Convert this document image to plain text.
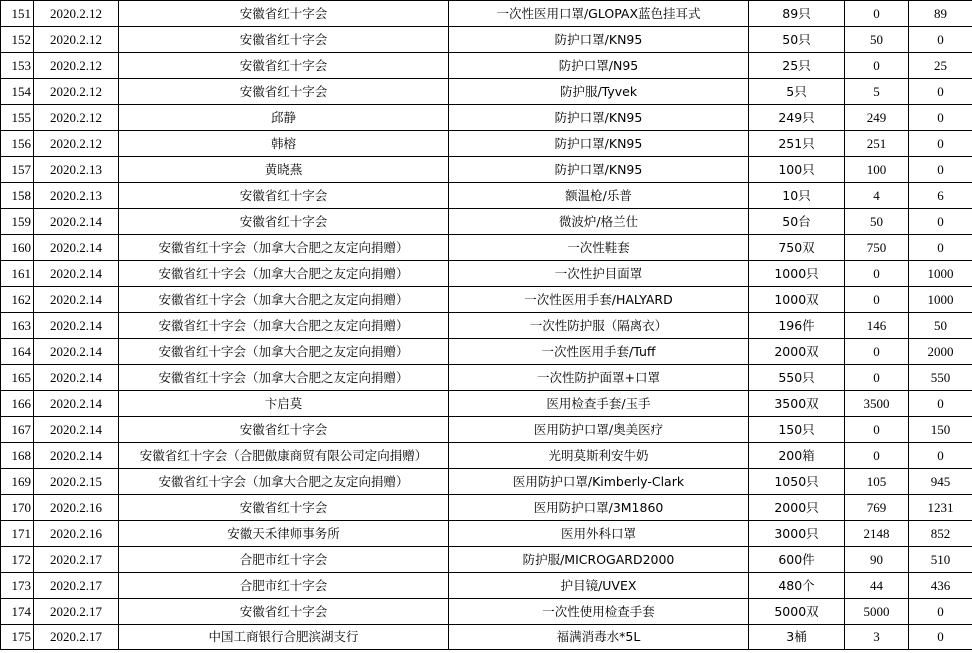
151	2020.2.12	安徽省红十字会	一次性医用口罩/GLOPAX蓝色挂耳式	89只	0	89
152	2020.2.12	安徽省红十字会	防护口罩/KN95	50只	50	0
153	2020.2.12	安徽省红十字会	防护口罩/N95	25只	0	25
154	2020.2.12	安徽省红十字会	防护服/Tyvek	5只	5	0
155	2020.2.12	邱静	防护口罩/KN95	249只	249	0
156	2020.2.12	韩榕	防护口罩/KN95	251只	251	0
157	2020.2.13	黄晓燕	防护口罩/KN95	100只	100	0
158	2020.2.13	安徽省红十字会	额温枪/乐普	10只	4	6
159	2020.2.14	安徽省红十字会	微波炉/格兰仕	50台	50	0
160	2020.2.14	安徽省红十字会（加拿大合肥之友定向捐赠）	一次性鞋套	750双	750	0
161	2020.2.14	安徽省红十字会（加拿大合肥之友定向捐赠）	一次性护目面罩	1000只	0	1000
162	2020.2.14	安徽省红十字会（加拿大合肥之友定向捐赠）	一次性医用手套/HALYARD	1000双	0	1000
163	2020.2.14	安徽省红十字会（加拿大合肥之友定向捐赠）	一次性防护服（隔离衣）	196件	146	50
164	2020.2.14	安徽省红十字会（加拿大合肥之友定向捐赠）	一次性医用手套/Tuff	2000双	0	2000
165	2020.2.14	安徽省红十字会（加拿大合肥之友定向捐赠）	一次性防护面罩+口罩	550只	0	550
166	2020.2.14	卞启莫	医用检查手套/玉手	3500双	3500	0
167	2020.2.14	安徽省红十字会	医用防护口罩/奥美医疗	150只	0	150
168	2020.2.14	安徽省红十字会（合肥傲康商贸有限公司定向捐赠）	光明莫斯利安牛奶	200箱	0	0
169	2020.2.15	安徽省红十字会（加拿大合肥之友定向捐赠）	医用防护口罩/Kimberly-Clark	1050只	105	945
170	2020.2.16	安徽省红十字会	医用防护口罩/3M1860	2000只	769	1231
171	2020.2.16	安徽天禾律师事务所	医用外科口罩	3000只	2148	852
172	2020.2.17	合肥市红十字会	防护服/MICROGARD2000	600件	90	510
173	2020.2.17	合肥市红十字会	护目镜/UVEX	480个	44	436
174	2020.2.17	安徽省红十字会	一次性使用检查手套	5000双	5000	0
175	2020.2.17	中国工商银行合肥滨湖支行	福满消毒水*5L	3桶	3	0
